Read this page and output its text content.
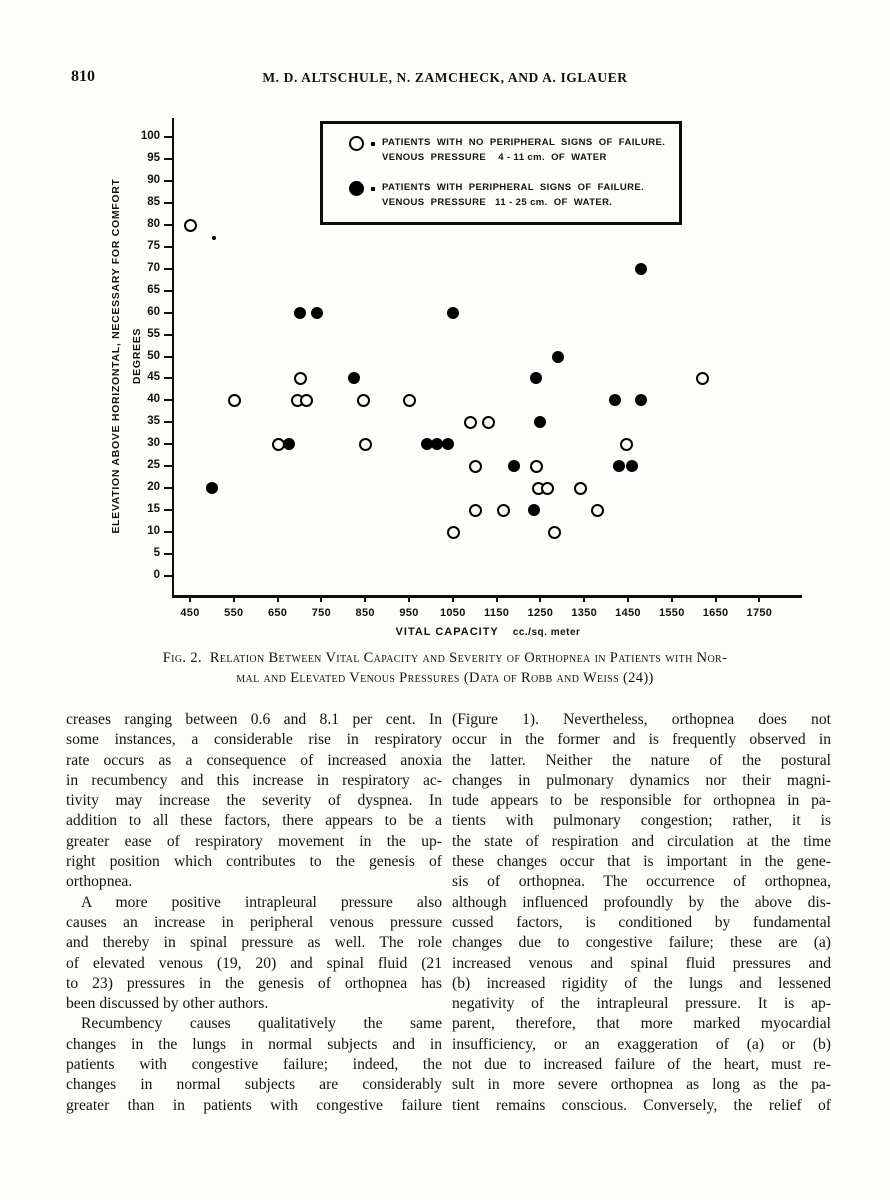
810	M. D. ALTSCHULE, N. ZAMCHECK, AND A. IGLAUER
PATIENTS  WITH  NO  PERIPHERAL  SIGNS  OF  FAILURE.
VENOUS  PRESSURE    4 - 11 cm.  OF  WATER
PATIENTS  WITH  PERIPHERAL  SIGNS  OF  FAILURE.
VENOUS  PRESSURE   11 - 25 cm.  OF  WATER.
VITAL CAPACITY cc./sq. meter
0
5
10
15
20
25
30
35
40
45
50
55
60
65
70
75
80
85
90
95
100
450	550	650	750	850	950	1050	1150	1250	1350	1450	1550	1650	1750
ELEVATION ABOVE HORIZONTAL, NECESSARY FOR COMFORT DEGREES
Fig. 2.  Relation Between Vital Capacity and Severity of Orthopnea in Patients with Nor-
mal and Elevated Venous Pressures (Data of Robb and Weiss (24))
creases ranging between 0.6 and 8.1 per cent. In
some instances, a considerable rise in respiratory
rate occurs as a consequence of increased anoxia
in recumbency and this increase in respiratory ac-
tivity may increase the severity of dyspnea. In
addition to all these factors, there appears to be a
greater ease of respiratory movement in the up-
right position which contributes to the genesis of
orthopnea.
A more positive intrapleural pressure also
causes an increase in peripheral venous pressure
and thereby in spinal pressure as well. The role
of elevated venous (19, 20) and spinal fluid (21
to 23) pressures in the genesis of orthopnea has
been discussed by other authors.
Recumbency causes qualitatively the same
changes in the lungs in normal subjects and in
patients with congestive failure; indeed, the
changes in normal subjects are considerably
greater than in patients with congestive failure
(Figure 1). Nevertheless, orthopnea does not
occur in the former and is frequently observed in
the latter. Neither the nature of the postural
changes in pulmonary dynamics nor their magni-
tude appears to be responsible for orthopnea in pa-
tients with pulmonary congestion; rather, it is
the state of respiration and circulation at the time
these changes occur that is important in the gene-
sis of orthopnea. The occurrence of orthopnea,
although influenced profoundly by the above dis-
cussed factors, is conditioned by fundamental
changes due to congestive failure; these are (a)
increased venous and spinal fluid pressures and
(b) increased rigidity of the lungs and lessened
negativity of the intrapleural pressure. It is ap-
parent, therefore, that more marked myocardial
insufficiency, or an exaggeration of (a) or (b)
not due to increased failure of the heart, must re-
sult in more severe orthopnea as long as the pa-
tient remains conscious. Conversely, the relief of
